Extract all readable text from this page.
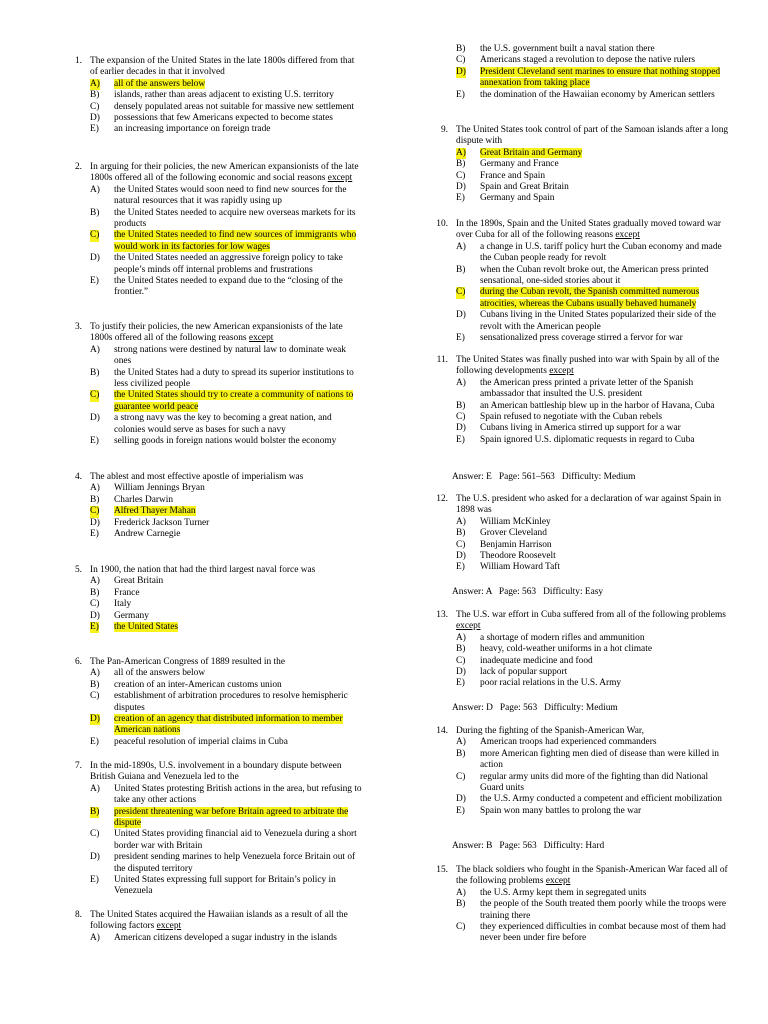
1. The expansion of the United States in the late 1800s differed from that of earlier decades in that it involved
A) all of the answers below
B) islands, rather than areas adjacent to existing U.S. territory
C) densely populated areas not suitable for massive new settlement
D) possessions that few Americans expected to become states
E) an increasing importance on foreign trade
2. In arguing for their policies, the new American expansionists of the late 1800s offered all of the following economic and social reasons except
A) the United States would soon need to find new sources for the natural resources that it was rapidly using up
B) the United States needed to acquire new overseas markets for its products
C) the United States needed to find new sources of immigrants who would work in its factories for low wages
D) the United States needed an aggressive foreign policy to take people’s minds off internal problems and frustrations
E) the United States needed to expand due to the “closing of the frontier.”
3. To justify their policies, the new American expansionists of the late 1800s offered all of the following reasons except
A) strong nations were destined by natural law to dominate weak ones
B) the United States had a duty to spread its superior institutions to less civilized people
C) the United States should try to create a community of nations to guarantee world peace
D) a strong navy was the key to becoming a great nation, and colonies would serve as bases for such a navy
E) selling goods in foreign nations would bolster the economy
4. The ablest and most effective apostle of imperialism was
A) William Jennings Bryan
B) Charles Darwin
C) Alfred Thayer Mahan
D) Frederick Jackson Turner
E) Andrew Carnegie
5. In 1900, the nation that had the third largest naval force was
A) Great Britain
B) France
C) Italy
D) Germany
E) the United States
6. The Pan-American Congress of 1889 resulted in the
A) all of the answers below
B) creation of an inter-American customs union
C) establishment of arbitration procedures to resolve hemispheric disputes
D) creation of an agency that distributed information to member American nations
E) peaceful resolution of imperial claims in Cuba
7. In the mid-1890s, U.S. involvement in a boundary dispute between British Guiana and Venezuela led to the
A) United States protesting British actions in the area, but refusing to take any other actions
B) president threatening war before Britain agreed to arbitrate the dispute
C) United States providing financial aid to Venezuela during a short border war with Britain
D) president sending marines to help Venezuela force Britain out of the disputed territory
E) United States expressing full support for Britain’s policy in Venezuela
8. The United States acquired the Hawaiian islands as a result of all the following factors except
A) American citizens developed a sugar industry in the islands
B) the U.S. government built a naval station there
C) Americans staged a revolution to depose the native rulers
D) President Cleveland sent marines to ensure that nothing stopped annexation from taking place
E) the domination of the Hawaiian economy by American settlers
9. The United States took control of part of the Samoan islands after a long dispute with
A) Great Britain and Germany
B) Germany and France
C) France and Spain
D) Spain and Great Britain
E) Germany and Spain
10. In the 1890s, Spain and the United States gradually moved toward war over Cuba for all of the following reasons except
A) a change in U.S. tariff policy hurt the Cuban economy and made the Cuban people ready for revolt
B) when the Cuban revolt broke out, the American press printed sensational, one-sided stories about it
C) during the Cuban revolt, the Spanish committed numerous atrocities, whereas the Cubans usually behaved humanely
D) Cubans living in the United States popularized their side of the revolt with the American people
E) sensationalized press coverage stirred a fervor for war
11. The United States was finally pushed into war with Spain by all of the following developments except
A) the American press printed a private letter of the Spanish ambassador that insulted the U.S. president
B) an American battleship blew up in the harbor of Havana, Cuba
C) Spain refused to negotiate with the Cuban rebels
D) Cubans living in America stirred up support for a war
E) Spain ignored U.S. diplomatic requests in regard to Cuba
Answer: E   Page: 561–563   Difficulty: Medium
12. The U.S. president who asked for a declaration of war against Spain in 1898 was
A) William McKinley
B) Grover Cleveland
C) Benjamin Harrison
D) Theodore Roosevelt
E) William Howard Taft
Answer: A   Page: 563   Difficulty: Easy
13. The U.S. war effort in Cuba suffered from all of the following problems except
A) a shortage of modern rifles and ammunition
B) heavy, cold-weather uniforms in a hot climate
C) inadequate medicine and food
D) lack of popular support
E) poor racial relations in the U.S. Army
Answer: D   Page: 563   Difficulty: Medium
14. During the fighting of the Spanish-American War,
A) American troops had experienced commanders
B) more American fighting men died of disease than were killed in action
C) regular army units did more of the fighting than did National Guard units
D) the U.S. Army conducted a competent and efficient mobilization
E) Spain won many battles to prolong the war
Answer: B   Page: 563   Difficulty: Hard
15. The black soldiers who fought in the Spanish-American War faced all of the following problems except
A) the U.S. Army kept them in segregated units
B) the people of the South treated them poorly while the troops were training there
C) they experienced difficulties in combat because most of them had never been under fire before
